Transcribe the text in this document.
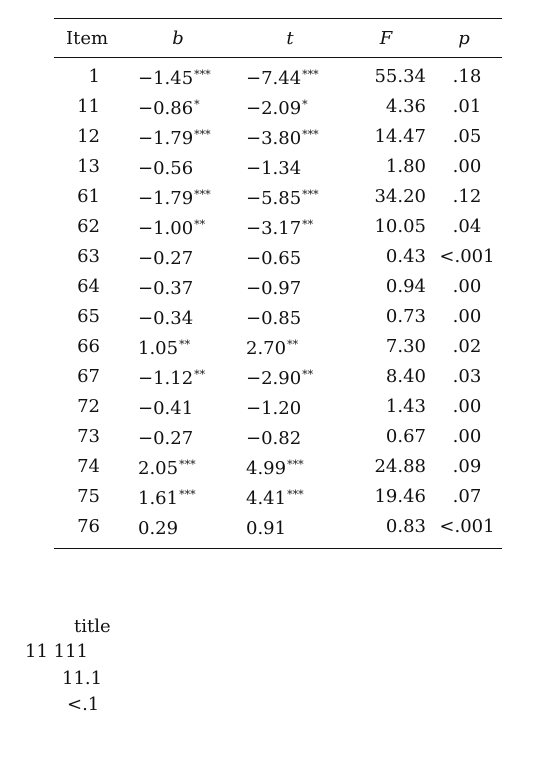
Item	b	t	F	p
1	−1.45***	−7.44***	55.34	.18
11	−0.86*	−2.09*	4.36	.01
12	−1.79***	−3.80***	14.47	.05
13	−0.56	−1.34	1.80	.00
61	−1.79***	−5.85***	34.20	.12
62	−1.00**	−3.17**	10.05	.04
63	−0.27	−0.65	0.43	<.001
64	−0.37	−0.97	0.94	.00
65	−0.34	−0.85	0.73	.00
66	1.05**	2.70**	7.30	.02
67	−1.12**	−2.90**	8.40	.03
72	−0.41	−1.20	1.43	.00
73	−0.27	−0.82	0.67	.00
74	2.05***	4.99***	24.88	.09
75	1.61***	4.41***	19.46	.07
76	0.29	0.91	0.83	<.001
title
11 111
11.1
<.1
